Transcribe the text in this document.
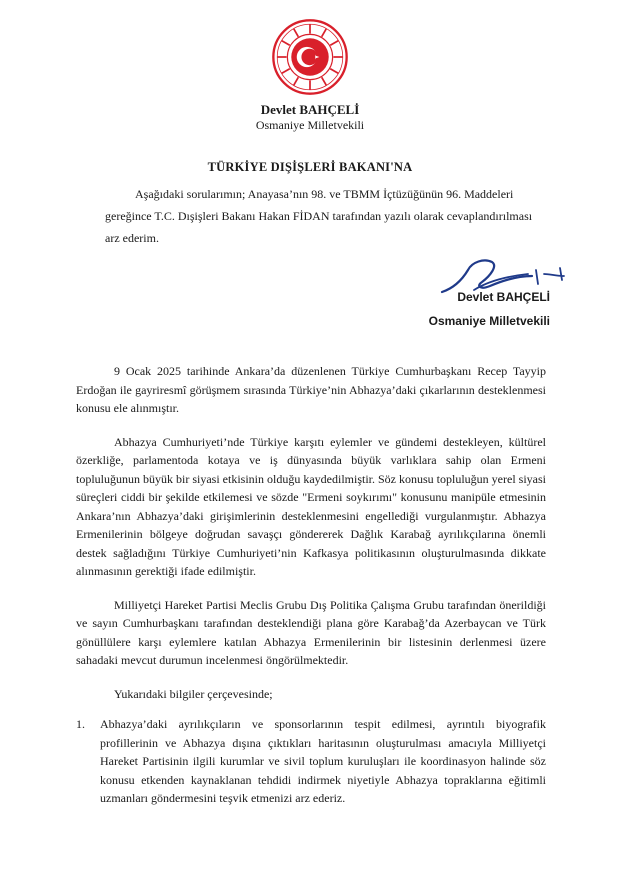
Devlet BAHÇELİ
Osmaniye Milletvekili
TÜRKİYE DIŞİŞLERİ BAKANI'NA
Aşağıdaki sorularımın; Anayasa’nın 98. ve TBMM İçtüzüğünün 96. Maddeleri
gereğince T.C. Dışişleri Bakanı Hakan FİDAN tarafından yazılı olarak cevaplandırılması
arz ederim.
Devlet BAHÇELİ
Osmaniye Milletvekili

9 Ocak 2025 tarihinde Ankara’da düzenlenen Türkiye Cumhurbaşkanı Recep Tayyip Erdoğan ile gayriresmî görüşmem sırasında Türkiye’nin Abhazya’daki çıkarlarının desteklenmesi konusu ele alınmıştır.

Abhazya Cumhuriyeti’nde Türkiye karşıtı eylemler ve gündemi destekleyen, kültürel özerkliğe, parlamentoda kotaya ve iş dünyasında büyük varlıklara sahip olan Ermeni topluluğunun büyük bir siyasi etkisinin olduğu kaydedilmiştir. Söz konusu topluluğun yerel siyasi süreçleri ciddi bir şekilde etkilemesi ve sözde "Ermeni soykırımı" konusunu manipüle etmesinin Ankara’nın Abhazya’daki girişimlerinin desteklenmesini engellediği vurgulanmıştır. Abhazya Ermenilerinin bölgeye doğrudan savaşçı göndererek Dağlık Karabağ ayrılıkçılarına önemli destek sağladığını Türkiye Cumhuriyeti’nin Kafkasya politikasının oluşturulmasında dikkate alınmasının gerektiği ifade edilmiştir.

Milliyetçi Hareket Partisi Meclis Grubu Dış Politika Çalışma Grubu tarafından önerildiği ve sayın Cumhurbaşkanı tarafından desteklendiği plana göre Karabağ’da Azerbaycan ve Türk gönüllülere karşı eylemlere katılan Abhazya Ermenilerinin bir listesinin derlenmesi üzere sahadaki mevcut durumun incelenmesi öngörülmektedir.

Yukarıdaki bilgiler çerçevesinde;

1.	Abhazya’daki ayrılıkçıların ve sponsorlarının tespit edilmesi, ayrıntılı biyografik profillerinin ve Abhazya dışına çıktıkları haritasının oluşturulması amacıyla Milliyetçi Hareket Partisinin ilgili kurumlar ve sivil toplum kuruluşları ile koordinasyon halinde söz konusu etkenden kaynaklanan tehdidi indirmek niyetiyle Abhazya topraklarına eğitimli uzmanları göndermesini teşvik etmenizi arz ederiz.
